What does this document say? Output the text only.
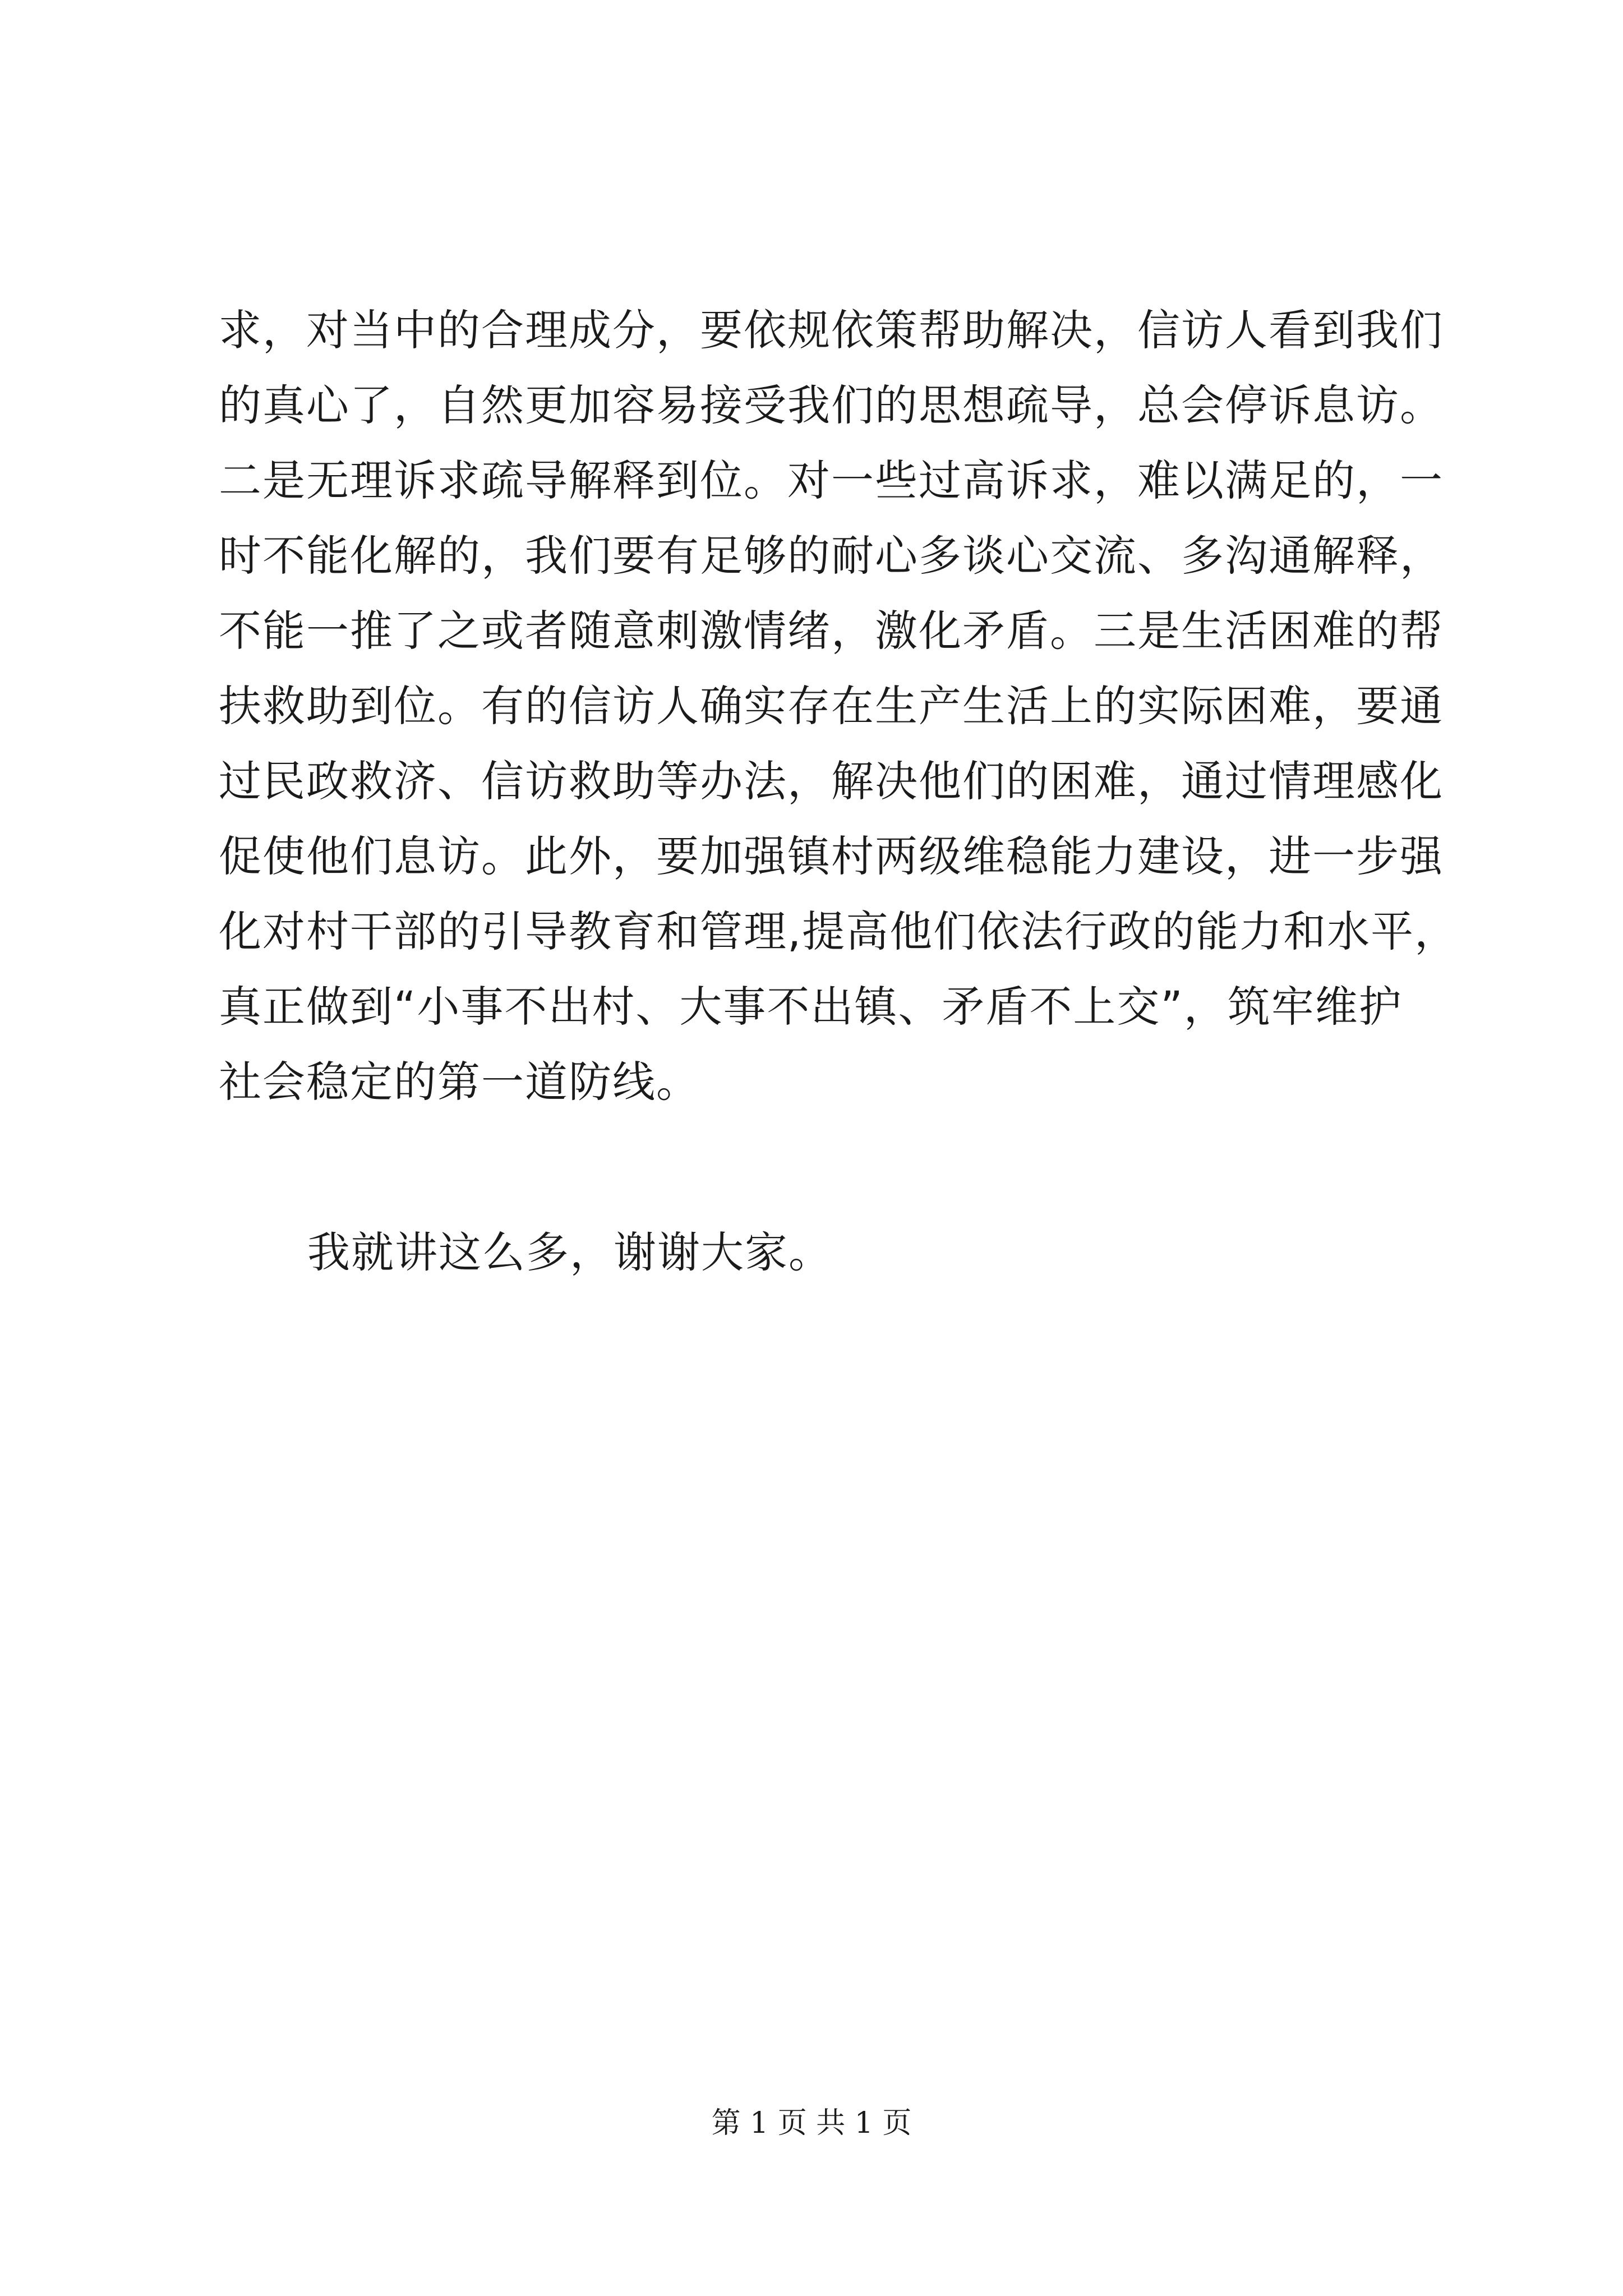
求，对当中的合理成分，要依规依策帮助解决，信访人看到我们
的真心了，自然更加容易接受我们的思想疏导，总会停诉息访。
二是无理诉求疏导解释到位。对一些过高诉求，难以满足的，一
时不能化解的，我们要有足够的耐心多谈心交流、多沟通解释，
不能一推了之或者随意刺激情绪，激化矛盾。三是生活困难的帮
扶救助到位。有的信访人确实存在生产生活上的实际困难，要通
过民政救济、信访救助等办法，解决他们的困难，通过情理感化
促使他们息访。此外，要加强镇村两级维稳能力建设，进一步强
化对村干部的引导教育和管理,提高他们依法行政的能力和水平，
真正做到“小事不出村、大事不出镇、矛盾不上交”，筑牢维护
社会稳定的第一道防线。
我就讲这么多，谢谢大家。
第 1 页 共 1 页
